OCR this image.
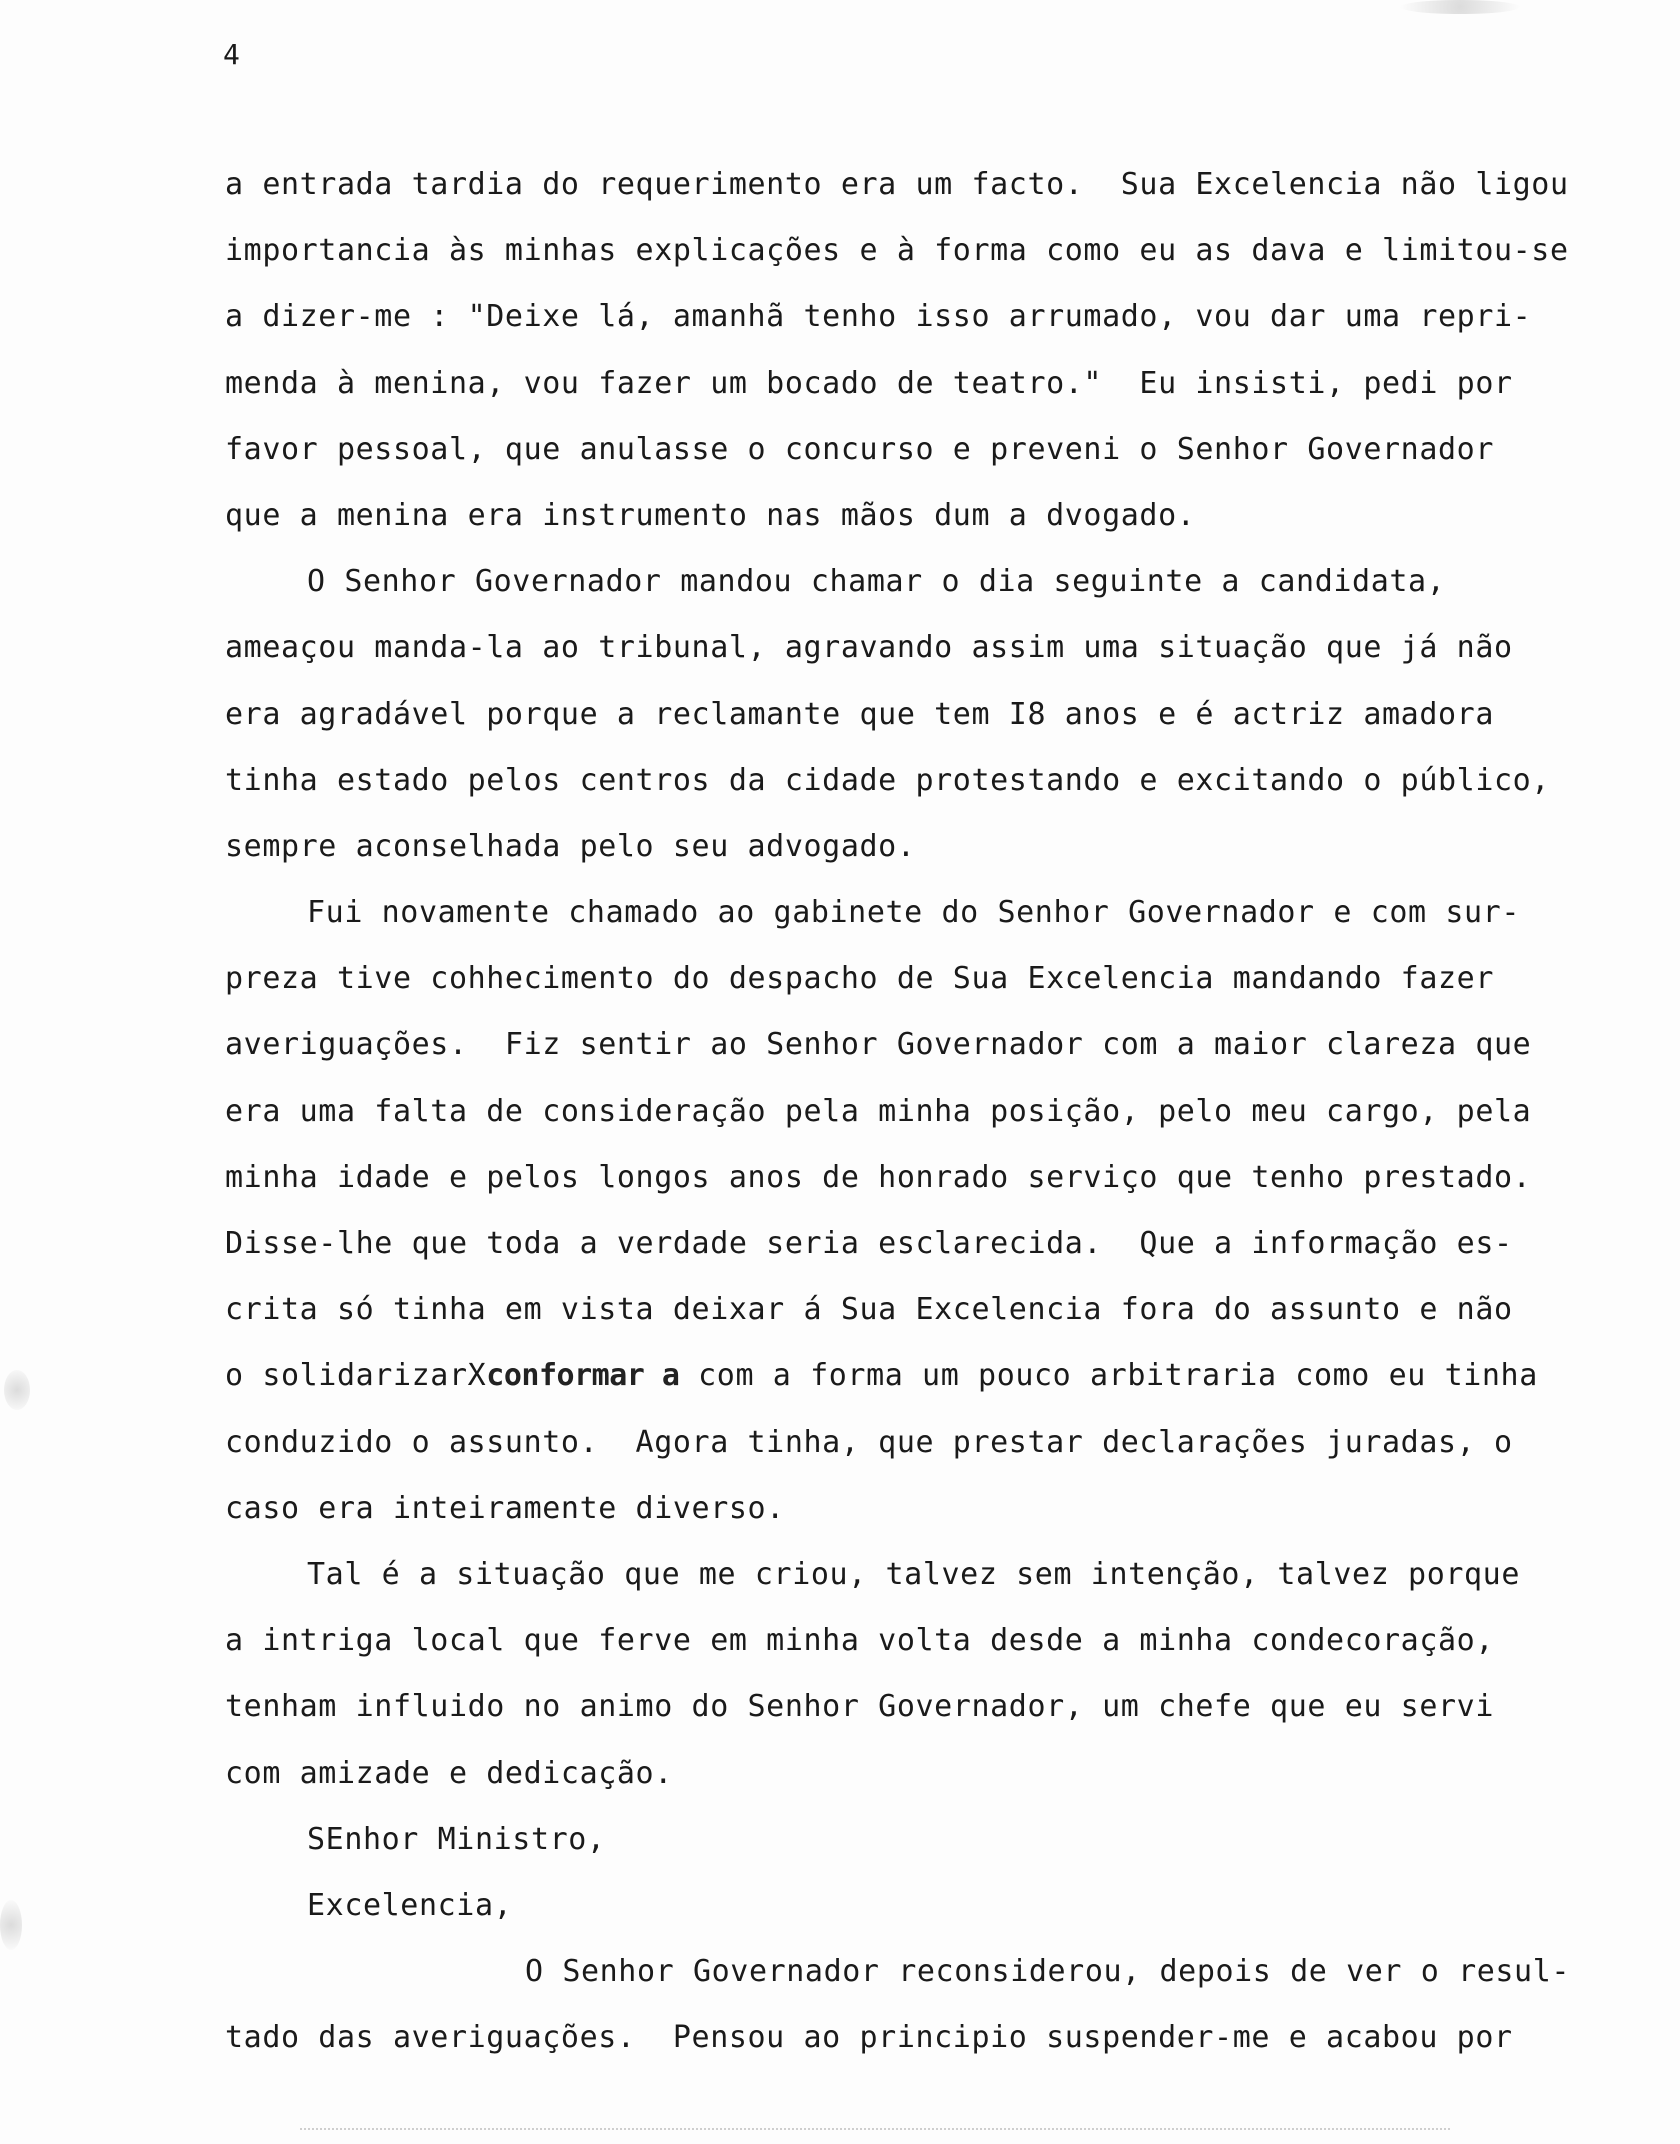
4
a entrada tardia do requerimento era um facto.  Sua Excelencia não ligou
importancia às minhas explicações e à forma como eu as dava e limitou-se
a dizer-me : "Deixe lá, amanhã tenho isso arrumado, vou dar uma repri-
menda à menina, vou fazer um bocado de teatro."  Eu insisti, pedi por
favor pessoal, que anulasse o concurso e preveni o Senhor Governador
que a menina era instrumento nas mãos dum a dvogado.
O Senhor Governador mandou chamar o dia seguinte a candidata,
ameaçou manda-la ao tribunal, agravando assim uma situação que já não
era agradável porque a reclamante que tem I8 anos e é actriz amadora
tinha estado pelos centros da cidade protestando e excitando o público,
sempre aconselhada pelo seu advogado.
Fui novamente chamado ao gabinete do Senhor Governador e com sur-
preza tive cohhecimento do despacho de Sua Excelencia mandando fazer
averiguações.  Fiz sentir ao Senhor Governador com a maior clareza que
era uma falta de consideração pela minha posição, pelo meu cargo, pela
minha idade e pelos longos anos de honrado serviço que tenho prestado.
Disse-lhe que toda a verdade seria esclarecida.  Que a informação es-
crita só tinha em vista deixar á Sua Excelencia fora do assunto e não
o solidarizarXconformar a com a forma um pouco arbitraria como eu tinha
conduzido o assunto.  Agora tinha, que prestar declarações juradas, o
caso era inteiramente diverso.
Tal é a situação que me criou, talvez sem intenção, talvez porque
a intriga local que ferve em minha volta desde a minha condecoração,
tenham influido no animo do Senhor Governador, um chefe que eu servi
com amizade e dedicação.
SEnhor Ministro,
Excelencia,
O Senhor Governador reconsiderou, depois de ver o resul-
tado das averiguações.  Pensou ao principio suspender-me e acabou por
